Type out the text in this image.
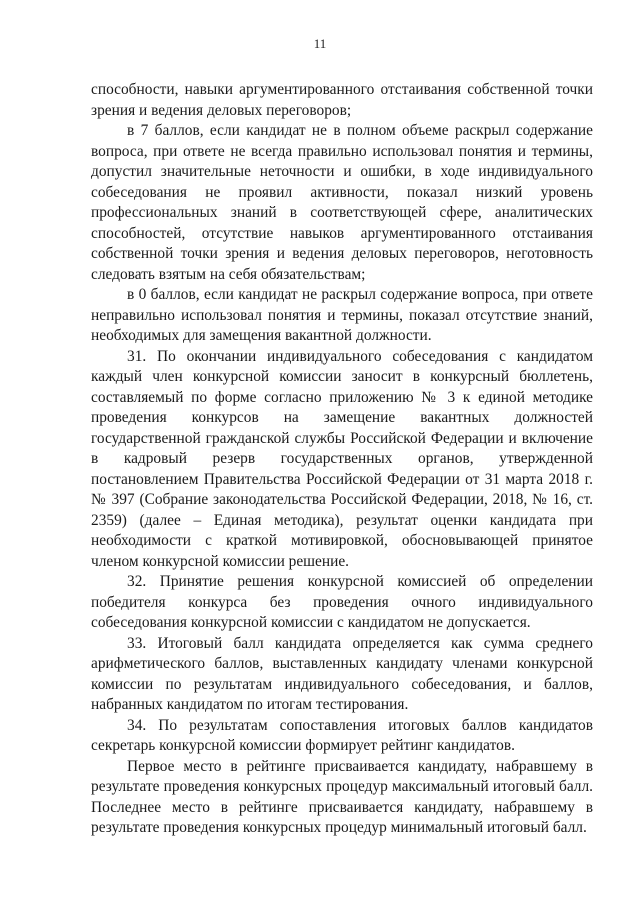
11

способности, навыки аргументированного отстаивания собственной точки зрения и ведения деловых переговоров;

в 7 баллов, если кандидат не в полном объеме раскрыл содержание вопроса, при ответе не всегда правильно использовал понятия и термины, допустил значительные неточности и ошибки, в ходе индивидуального собеседования не проявил активности, показал низкий уровень профессиональных знаний в соответствующей сфере, аналитических способностей, отсутствие навыков аргументированного отстаивания собственной точки зрения и ведения деловых переговоров, неготовность следовать взятым на себя обязательствам;

в 0 баллов, если кандидат не раскрыл содержание вопроса, при ответе неправильно использовал понятия и термины, показал отсутствие знаний, необходимых для замещения вакантной должности.

31. По окончании индивидуального собеседования с кандидатом каждый член конкурсной комиссии заносит в конкурсный бюллетень, составляемый по форме согласно приложению № 3 к единой методике проведения конкурсов на замещение вакантных должностей государственной гражданской службы Российской Федерации и включение в кадровый резерв государственных органов, утвержденной постановлением Правительства Российской Федерации от 31 марта 2018 г. № 397 (Собрание законодательства Российской Федерации, 2018, № 16, ст. 2359) (далее – Единая методика), результат оценки кандидата при необходимости с краткой мотивировкой, обосновывающей принятое членом конкурсной комиссии решение.

32. Принятие решения конкурсной комиссией об определении победителя конкурса без проведения очного индивидуального собеседования конкурсной комиссии с кандидатом не допускается.

33. Итоговый балл кандидата определяется как сумма среднего арифметического баллов, выставленных кандидату членами конкурсной комиссии по результатам индивидуального собеседования, и баллов, набранных кандидатом по итогам тестирования.

34. По результатам сопоставления итоговых баллов кандидатов секретарь конкурсной комиссии формирует рейтинг кандидатов.

Первое место в рейтинге присваивается кандидату, набравшему в результате проведения конкурсных процедур максимальный итоговый балл. Последнее место в рейтинге присваивается кандидату, набравшему в результате проведения конкурсных процедур минимальный итоговый балл.
